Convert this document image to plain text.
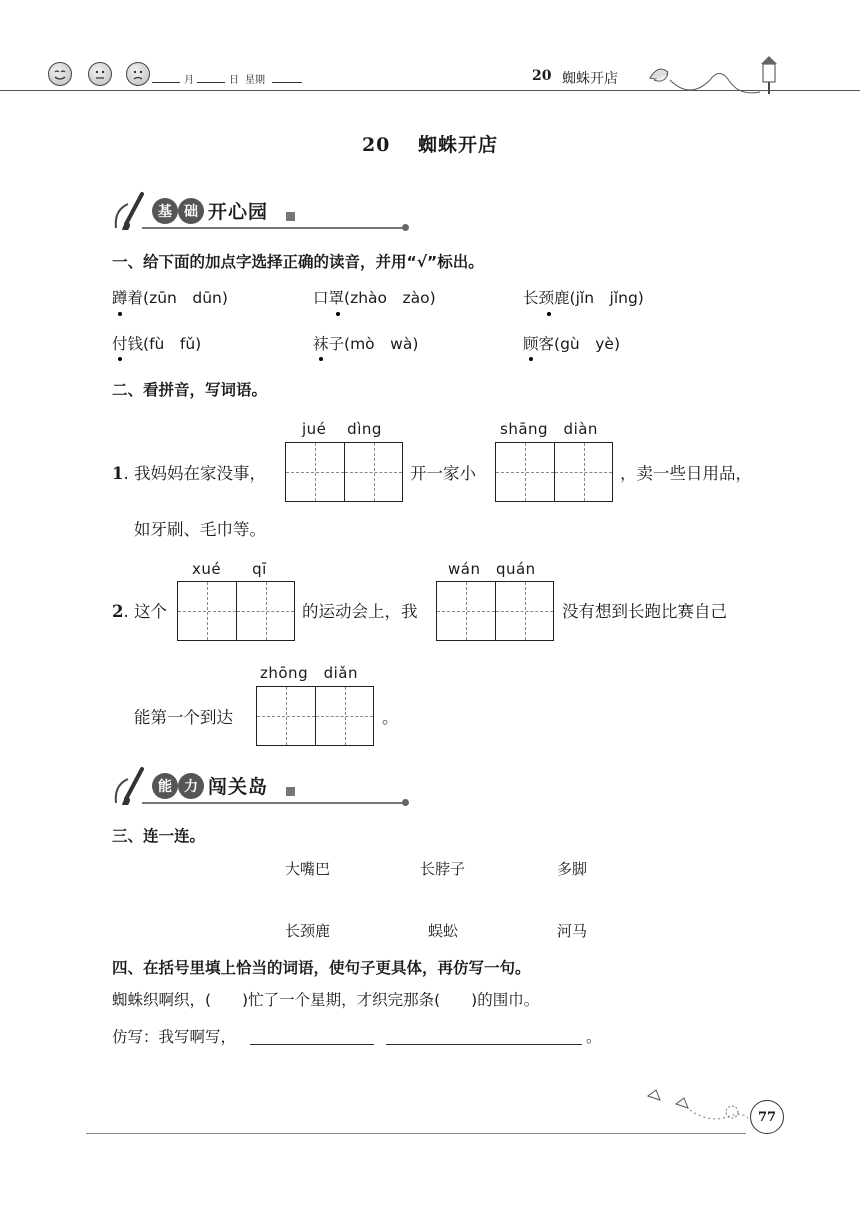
月	日 星期	20 蜘蛛开店
20　 蜘蛛开店
基 础 开心园
一、给下面的加点字选择正确的读音，并用“√”标出。
蹲着(zūn　dūn)	口罩(zhào　zào)	长颈鹿(jǐn　jǐng)
付钱(fù　fǔ)	袜子(mò　wà)	顾客(gù　yè)
二、看拼音，写词语。
jué　 dìng	shāng　diàn
1. 我妈妈在家没事，	开一家小	，卖一些日用品，
如牙刷、毛巾等。
xué　　qī	wán　quán
2. 这个	的运动会上，我	没有想到长跑比赛自己
zhōng　diǎn
能第一个到达	。
能 力 闯关岛
三、连一连。
大嘴巴	长脖子	多脚
长颈鹿	蜈蚣	河马
四、在括号里填上恰当的词语，使句子更具体，再仿写一句。
蜘蛛织啊织，(　　)忙了一个星期，才织完那条(　　)的围巾。
仿写：我写啊写，	。
77
